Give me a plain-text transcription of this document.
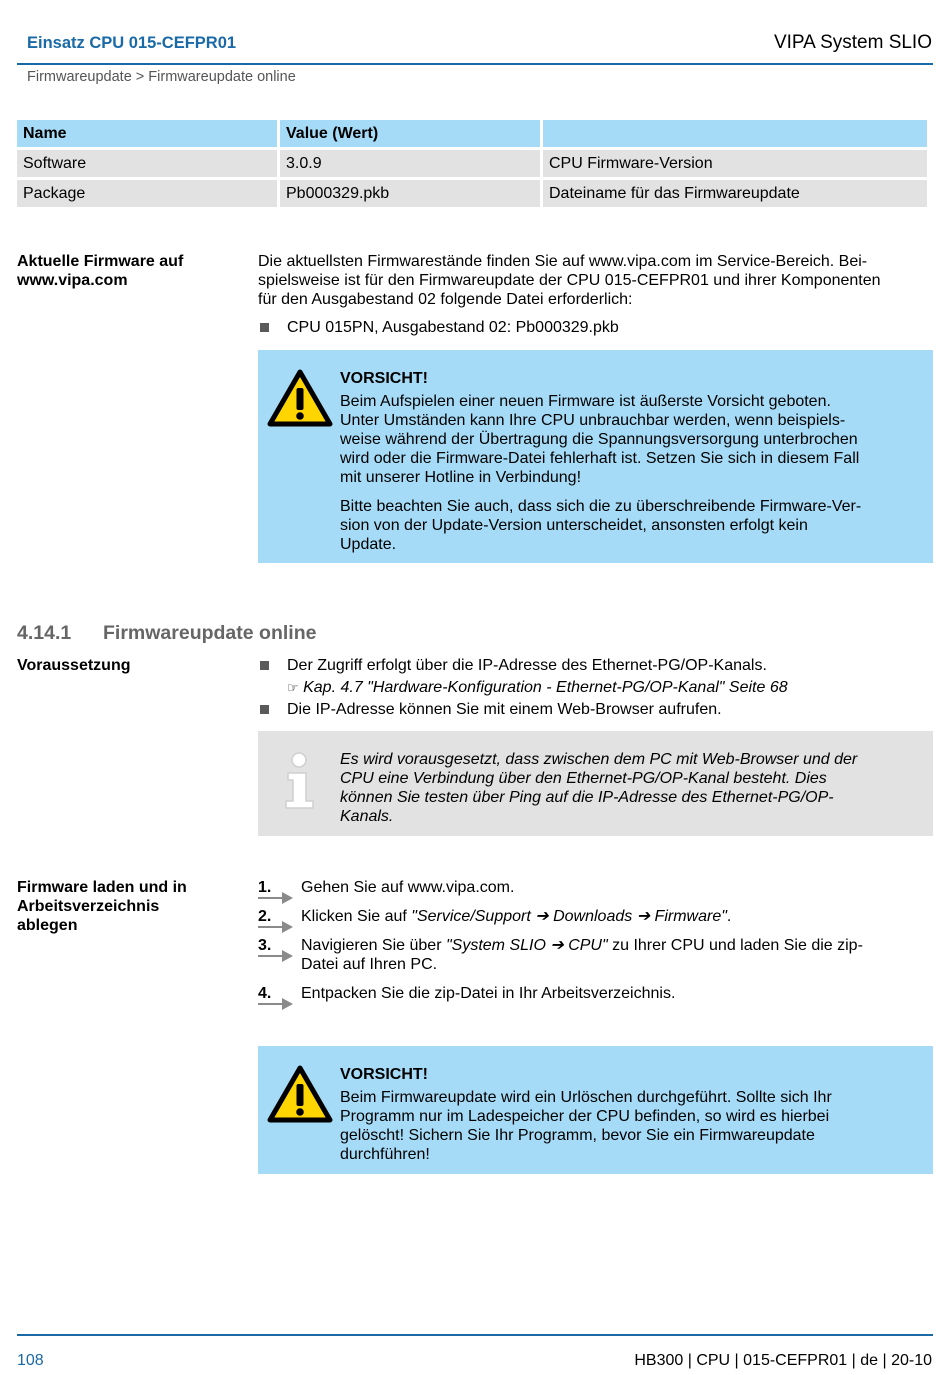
Einsatz CPU 015-CEFPR01	VIPA System SLIO
Firmwareupdate > Firmwareupdate online
Name	Value (Wert)	
Software	3.0.9	CPU Firmware-Version
Package	Pb000329.pkb	Dateiname für das Firmwareupdate
Aktuelle Firmware auf
www.vipa.com
Die aktuellsten Firmwarestände finden Sie auf www.vipa.com im Service-Bereich. Bei-
spielsweise ist für den Firmwareupdate der CPU 015-CEFPR01 und ihrer Komponenten
für den Ausgabestand 02 folgende Datei erforderlich:
CPU 015PN, Ausgabestand 02: Pb000329.pkb
VORSICHT!
Beim Aufspielen einer neuen Firmware ist äußerste Vorsicht geboten.
Unter Umständen kann Ihre CPU unbrauchbar werden, wenn beispiels-
weise während der Übertragung die Spannungsversorgung unterbrochen
wird oder die Firmware-Datei fehlerhaft ist. Setzen Sie sich in diesem Fall
mit unserer Hotline in Verbindung!
Bitte beachten Sie auch, dass sich die zu überschreibende Firmware-Ver-
sion von der Update-Version unterscheidet, ansonsten erfolgt kein
Update.
4.14.1 Firmwareupdate online
Voraussetzung	Der Zugriff erfolgt über die IP-Adresse des Ethernet-PG/OP-Kanals.
☞ Kap. 4.7 "Hardware-Konfiguration - Ethernet-PG/OP-Kanal" Seite 68
Die IP-Adresse können Sie mit einem Web-Browser aufrufen.
Es wird vorausgesetzt, dass zwischen dem PC mit Web-Browser und der
CPU eine Verbindung über den Ethernet-PG/OP-Kanal besteht. Dies
können Sie testen über Ping auf die IP-Adresse des Ethernet-PG/OP-
Kanals.
Firmware laden und in
Arbeitsverzeichnis
ablegen
1. Gehen Sie auf www.vipa.com.
2. Klicken Sie auf "Service/Support ➔ Downloads ➔ Firmware".
3. Navigieren Sie über "System SLIO ➔ CPU" zu Ihrer CPU und laden Sie die zip-
Datei auf Ihren PC.
4. Entpacken Sie die zip-Datei in Ihr Arbeitsverzeichnis.
VORSICHT!
Beim Firmwareupdate wird ein Urlöschen durchgeführt. Sollte sich Ihr
Programm nur im Ladespeicher der CPU befinden, so wird es hierbei
gelöscht! Sichern Sie Ihr Programm, bevor Sie ein Firmwareupdate
durchführen!
108	HB300 | CPU | 015-CEFPR01 | de | 20-10
